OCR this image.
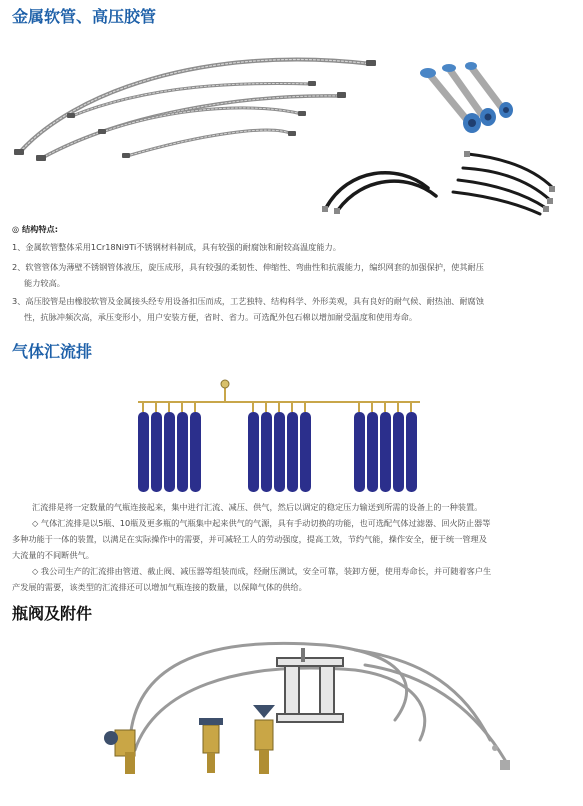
金属软管、高压胶管
◎ 结构特点:
1、金属软管整体采用1Cr18Ni9Ti不锈钢材料制成，具有较强的耐腐蚀和耐较高温度能力。
2、软管管体为薄壁不锈钢管体液压，旋压成形，具有较强的柔韧性、伸缩性、弯曲性和抗震能力，编织网套的加强保护，使其耐压
能力较高。
3、高压胶管是由橡胶软管及金属接头经专用设备扣压而成，工艺独特、结构科学、外形美观，具有良好的耐气候、耐热油、耐腐蚀
性，抗脉冲频次高，承压变形小，用户安装方便，省时、省力。可选配外包石棉以增加耐受温度和使用寿命。
气体汇流排
汇流排是将一定数量的气瓶连接起来，集中进行汇流、减压、供气，然后以调定的稳定压力输送到所需的设备上的一种装置。
◇ 气体汇流排是以5瓶、10瓶及更多瓶的气瓶集中起来供气的气源，具有手动切换的功能，也可选配气体过滤器、回火防止器等
多种功能于一体的装置，以满足在实际操作中的需要，并可减轻工人的劳动强度，提高工效，节约气能，操作安全，便于统一管理及
大流量的不间断供气。
◇ 我公司生产的汇流排由管道、截止阀、减压器等组装而成，经耐压测试，安全可靠，装卸方便，使用寿命长，并可随着客户生
产发展的需要，该类型的汇流排还可以增加气瓶连接的数量，以保障气体的供给。
瓶阀及附件
